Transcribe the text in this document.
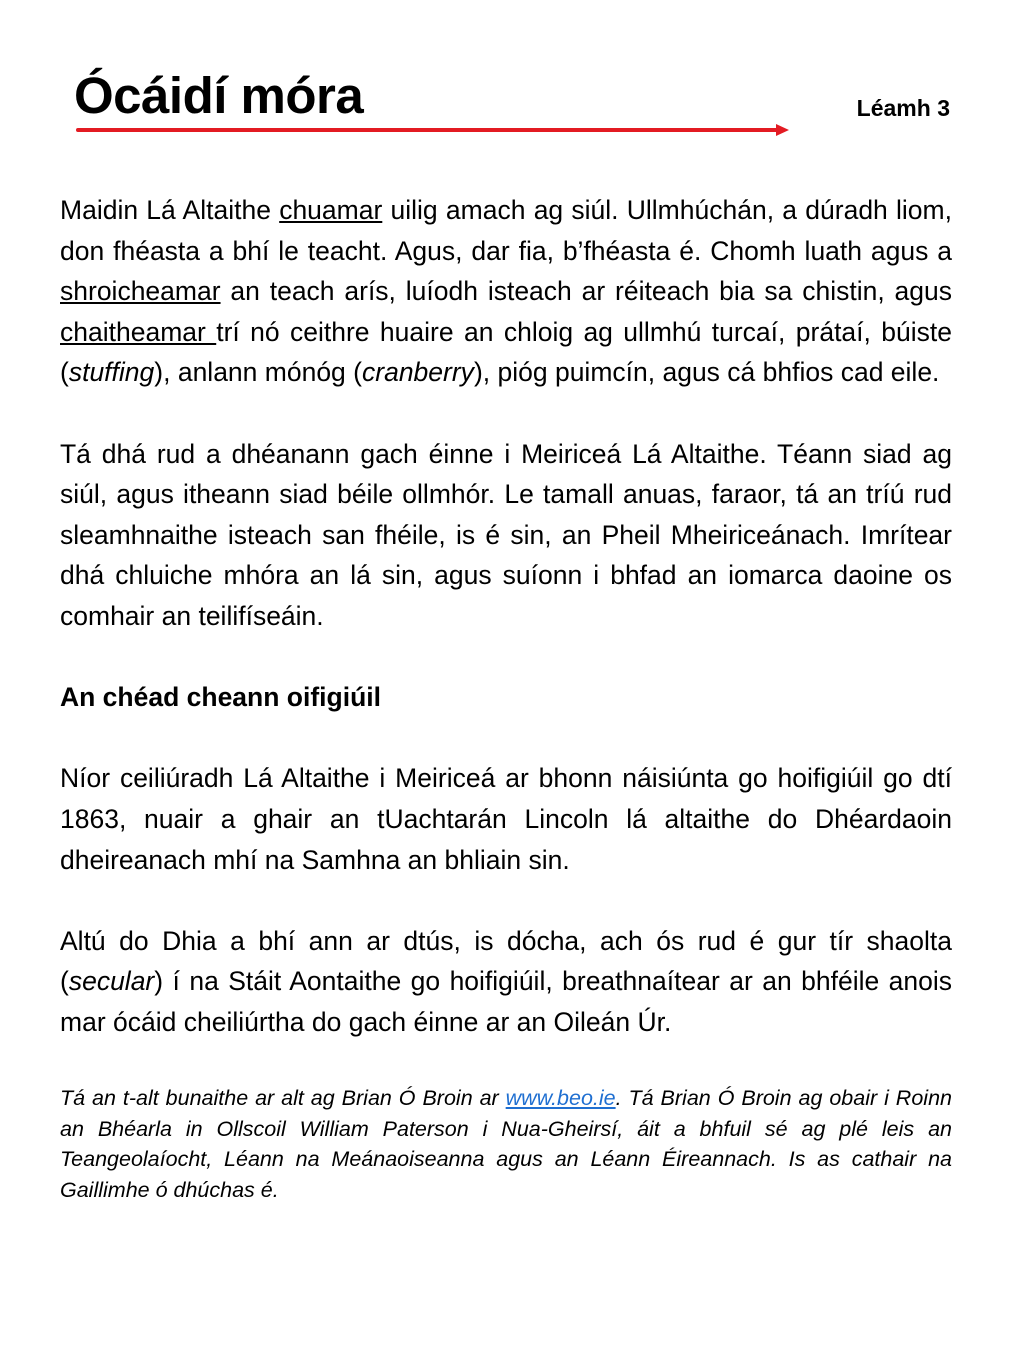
Ócáidí móra	Léamh 3

Maidin Lá Altaithe chuamar uilig amach ag siúl. Ullmhúchán, a dúradh liom, don fhéasta a bhí le teacht. Agus, dar fia, b’fhéasta é. Chomh luath agus a shroicheamar an teach arís, luíodh isteach ar réiteach bia sa chistin, agus chaitheamar trí nó ceithre huaire an chloig ag ullmhú turcaí, prátaí, búiste (stuffing), anlann mónóg (cranberry), pióg puimcín, agus cá bhfios cad eile.

Tá dhá rud a dhéanann gach éinne i Meiriceá Lá Altaithe. Téann siad ag siúl, agus itheann siad béile ollmhór. Le tamall anuas, faraor, tá an tríú rud sleamhnaithe isteach san fhéile, is é sin, an Pheil Mheiriceánach. Imrítear dhá chluiche mhóra an lá sin, agus suíonn i bhfad an iomarca daoine os comhair an teilifíseáin.

An chéad cheann oifigiúil

Níor ceiliúradh Lá Altaithe i Meiriceá ar bhonn náisiúnta go hoifigiúil go dtí 1863, nuair a ghair an tUachtarán Lincoln lá altaithe do Dhéardaoin dheireanach mhí na Samhna an bhliain sin.

Altú do Dhia a bhí ann ar dtús, is dócha, ach ós rud é gur tír shaolta (secular) í na Stáit Aontaithe go hoifigiúil, breathnaítear ar an bhféile anois mar ócáid cheiliúrtha do gach éinne ar an Oileán Úr.

Tá an t-alt bunaithe ar alt ag Brian Ó Broin ar www.beo.ie. Tá Brian Ó Broin ag obair i Roinn an Bhéarla in Ollscoil William Paterson i Nua-Gheirsí, áit a bhfuil sé ag plé leis an Teangeolaíocht, Léann na Meánaoiseanna agus an Léann Éireannach. Is as cathair na Gaillimhe ó dhúchas é.
